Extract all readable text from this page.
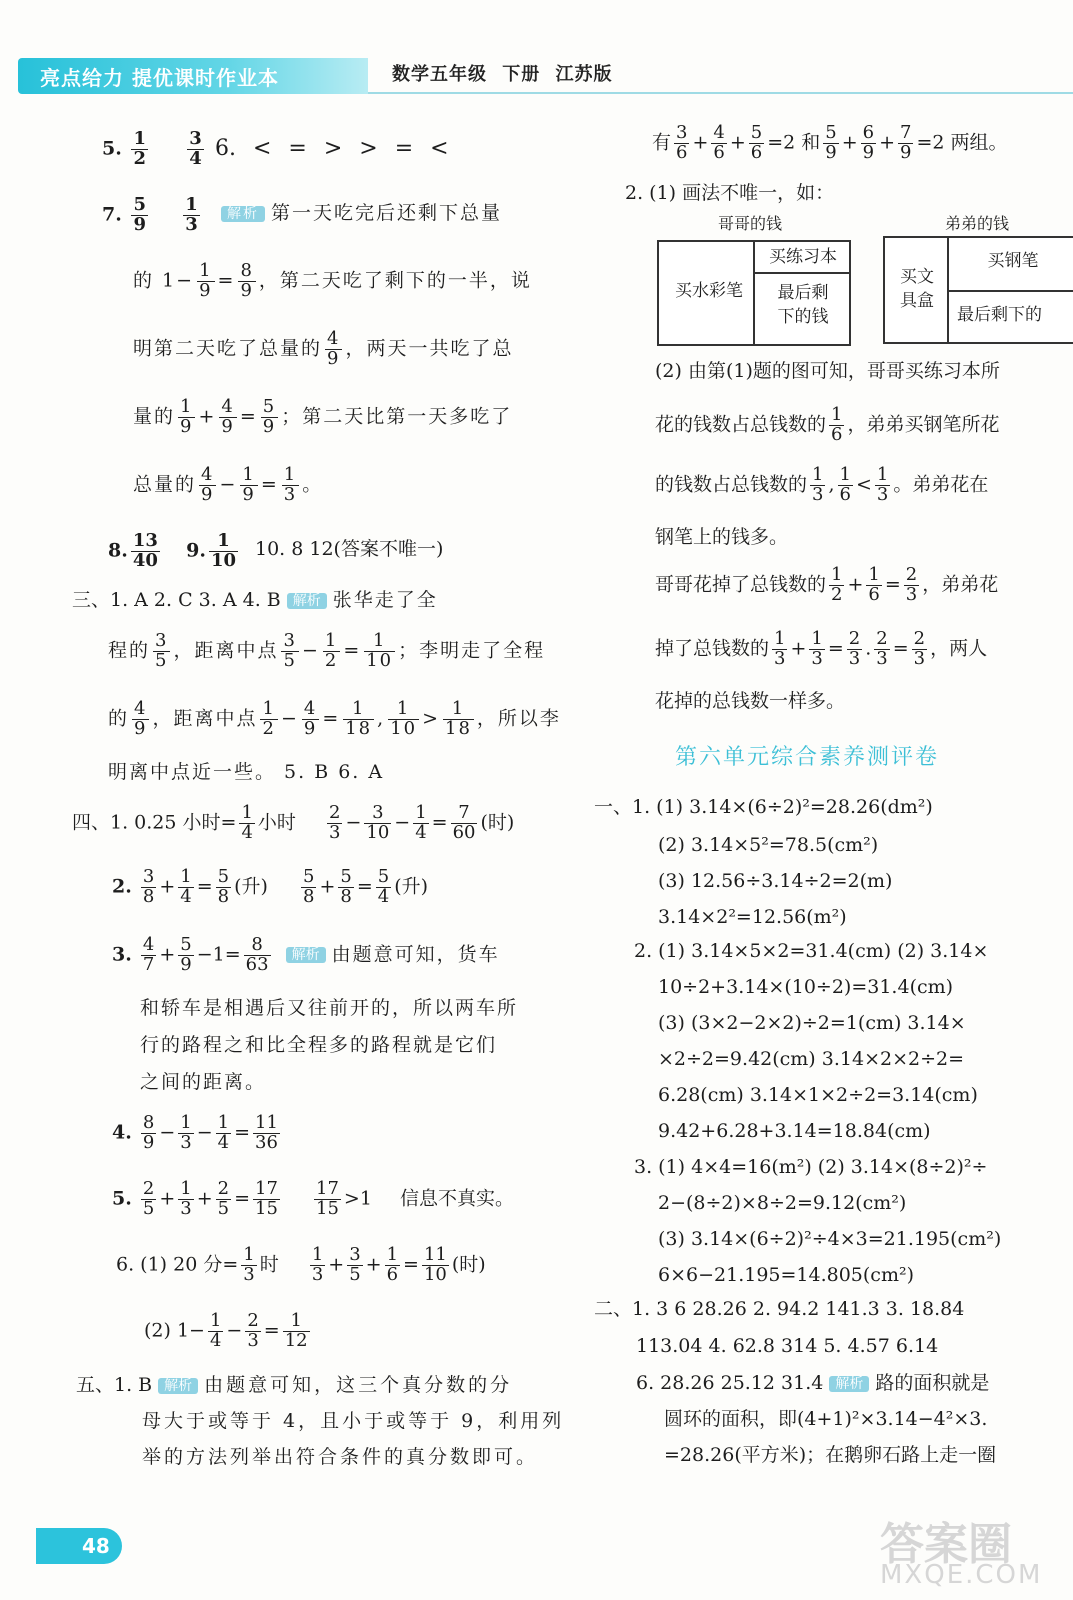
亮点给力 提优课时作业本	数学五年级 下册 江苏版
5. $\frac{1}{2}$
$\frac{3}{4} 6$. < = > > = <
7. $\frac{5}{9}$
$\frac{1}{3}$	解析 第一天吃完后还剩下总量
的 $1- \frac{1}{9} = \frac{8}{9}$ ，第二天吃了剩下的一半，说
明第二天吃了总量的 $\frac{4}{9}$ ，两天一共吃了总
量的 $\frac{1}{9} + \frac{4}{9} = \frac{5}{9}$ ；第二天比第一天多吃了
总量的 $\frac{4}{9} - \frac{1}{9} = \frac{1}{3}$ 。
8. $\frac{13}{40} 9$. $\frac{1}{10}$
10. 8 12(答案不唯一)
三、1. A 2. C 3. A 4. B 解析 张华走了全
程的 $\frac{3}{5}$ ，距离中点 $\frac{3}{5} - \frac{1}{2} = \frac{1}{10}$ ；李明走了全程
的 $\frac{4}{9}$ ，距离中点 $\frac{1}{2} - \frac{4}{9} = \frac{1}{18}$ , $\frac{1}{10} > \frac{1}{18}$ ，所以李
明离中点近一些。 5. B 6. A
四、1. 0.25 小时= $\frac{1}{4}$ 小时 $\frac{2}{3} - \frac{3}{10} - \frac{1}{4} = \frac{7}{60}$ (时)
2. $\frac{3}{8} + \frac{1}{4} = \frac{5}{8}$ (升) $\frac{5}{8} + \frac{5}{8} = \frac{5}{4}$ (升)
3. $\frac{4}{7} + \frac{5}{9} -1= \frac{8}{63}$ 解析 由题意可知，货车
和轿车是相遇后又往前开的，所以两车所
行的路程之和比全程多的路程就是它们
之间的距离。
4. $\frac{8}{9} - \frac{1}{3} - \frac{1}{4} = \frac{11}{36}$
5. $\frac{2}{5} + \frac{1}{3} + \frac{2}{5} = \frac{17}{15}$
$\frac{17}{15} >1$  信息不真实。
6. (1) 20 分= $\frac{1}{3}$ 时 $\frac{1}{3} + \frac{3}{5} + \frac{1}{6} = \frac{11}{10}$ (时)
(2) $1- \frac{1}{4} - \frac{2}{3} = \frac{1}{12}$
五、1. B 解析 由题意可知，这三个真分数的分
母大于或等于 4，且小于或等于 9，利用列
举的方法列举出符合条件的真分数即可。
有 $\frac{3}{6} + \frac{4}{6} + \frac{5}{6} =2$ 和 $\frac{5}{9} + \frac{6}{9} + \frac{7}{9} =2$ 两组。
2. (1) 画法不唯一，如：
哥哥的钱
买水彩笔
买练习本
最后剩
下的钱
弟弟的钱
买文
具盒
买钢笔
最后剩下的
(2) 由第(1)题的图可知，哥哥买练习本所
花的钱数占总钱数的 $\frac{1}{6}$ ，弟弟买钢笔所花
的钱数占总钱数的 $\frac{1}{3}$ , $\frac{1}{6} < \frac{1}{3}$ 。弟弟花在
钢笔上的钱多。
哥哥花掉了总钱数的 $\frac{1}{2} + \frac{1}{6} = \frac{2}{3}$ ，弟弟花
掉了总钱数的 $\frac{1}{3} + \frac{1}{3} = \frac{2}{3}$ . $\frac{2}{3} = \frac{2}{3}$ ，两人
花掉的总钱数一样多。
第六单元综合素养测评卷
一、1. (1) 3.14×(6÷2)²=28.26(dm²)
(2) 3.14×5²=78.5(cm²)
(3) 12.56÷3.14÷2=2(m)
3.14×2²=12.56(m²)
2. (1) 3.14×5×2=31.4(cm) (2) 3.14×
10÷2+3.14×(10÷2)=31.4(cm)
(3) (3×2−2×2)÷2=1(cm) 3.14×
×2÷2=9.42(cm) 3.14×2×2÷2=
6.28(cm) 3.14×1×2÷2=3.14(cm)
9.42+6.28+3.14=18.84(cm)
3. (1) 4×4=16(m²) (2) 3.14×(8÷2)²÷
2−(8÷2)×8÷2=9.12(cm²)
(3) 3.14×(6÷2)²÷4×3=21.195(cm²)
6×6−21.195=14.805(cm²)
二、1. 3 6 28.26 2. 94.2 141.3 3. 18.84
113.04 4. 62.8 314 5. 4.57 6.14
6. 28.26 25.12 31.4 解析 路的面积就是
圆环的面积，即(4+1)²×3.14−4²×3.
=28.26(平方米)；在鹅卵石路上走一圈
48	答案圈
MXQE.COM
